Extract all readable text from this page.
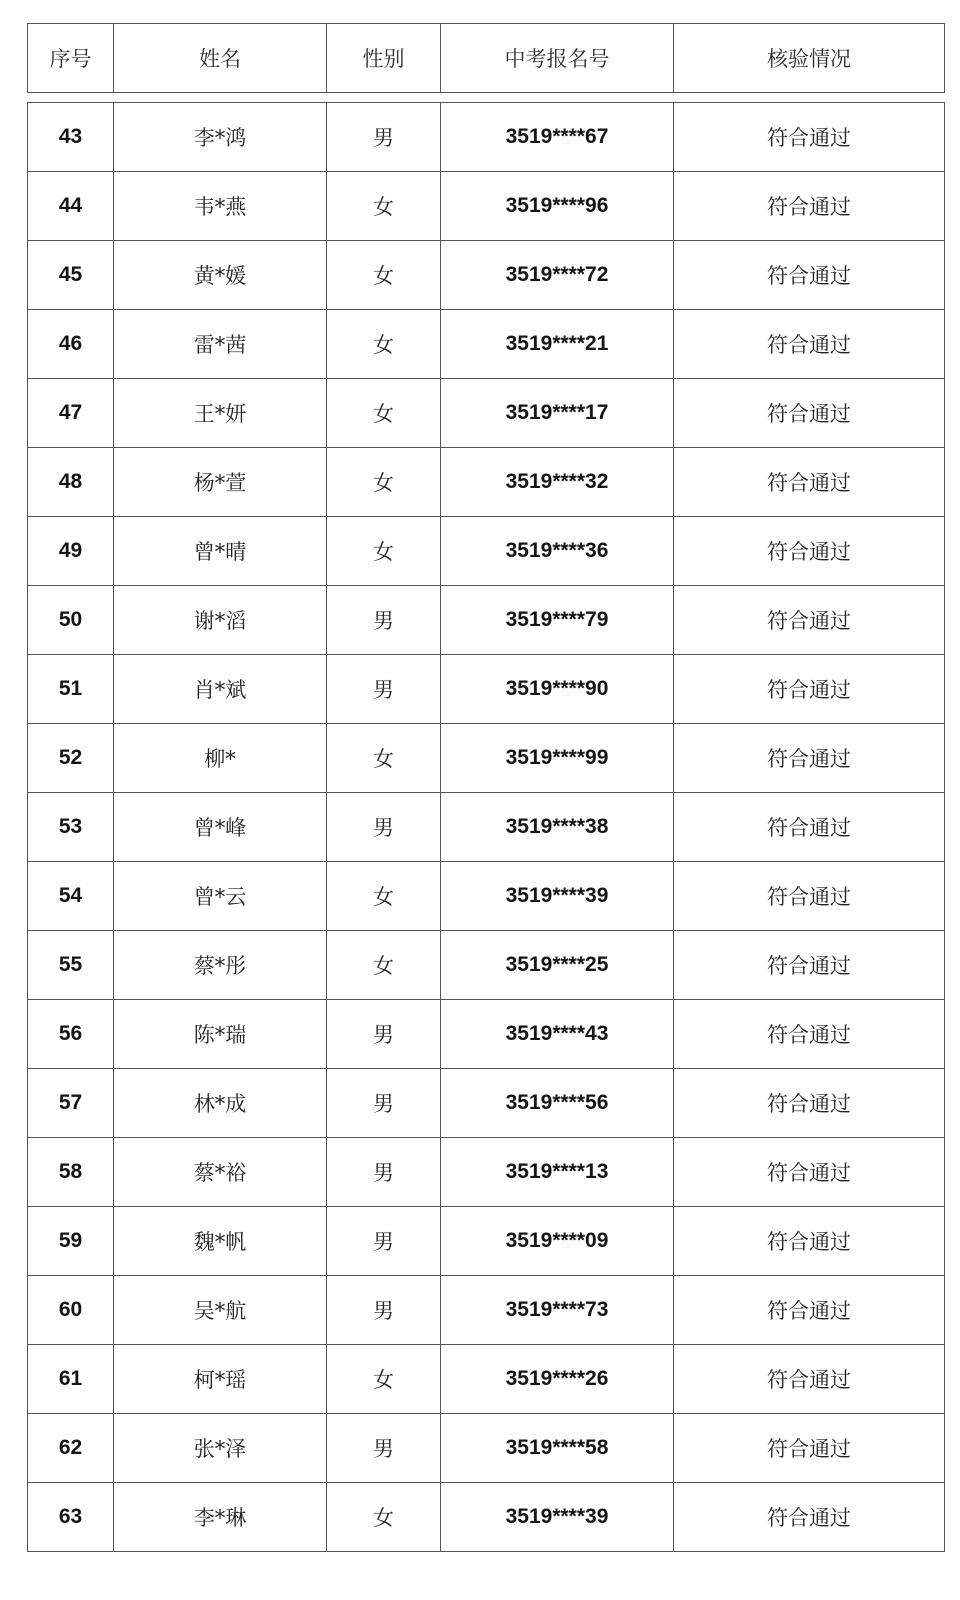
序号	姓名	性别	中考报名号	核验情况
43	李*鸿	男	3519****67	符合通过
44	韦*燕	女	3519****96	符合通过
45	黄*媛	女	3519****72	符合通过
46	雷*茜	女	3519****21	符合通过
47	王*妍	女	3519****17	符合通过
48	杨*萱	女	3519****32	符合通过
49	曾*晴	女	3519****36	符合通过
50	谢*滔	男	3519****79	符合通过
51	肖*斌	男	3519****90	符合通过
52	柳*	女	3519****99	符合通过
53	曾*峰	男	3519****38	符合通过
54	曾*云	女	3519****39	符合通过
55	蔡*彤	女	3519****25	符合通过
56	陈*瑞	男	3519****43	符合通过
57	林*成	男	3519****56	符合通过
58	蔡*裕	男	3519****13	符合通过
59	魏*帆	男	3519****09	符合通过
60	吴*航	男	3519****73	符合通过
61	柯*瑶	女	3519****26	符合通过
62	张*泽	男	3519****58	符合通过
63	李*琳	女	3519****39	符合通过
